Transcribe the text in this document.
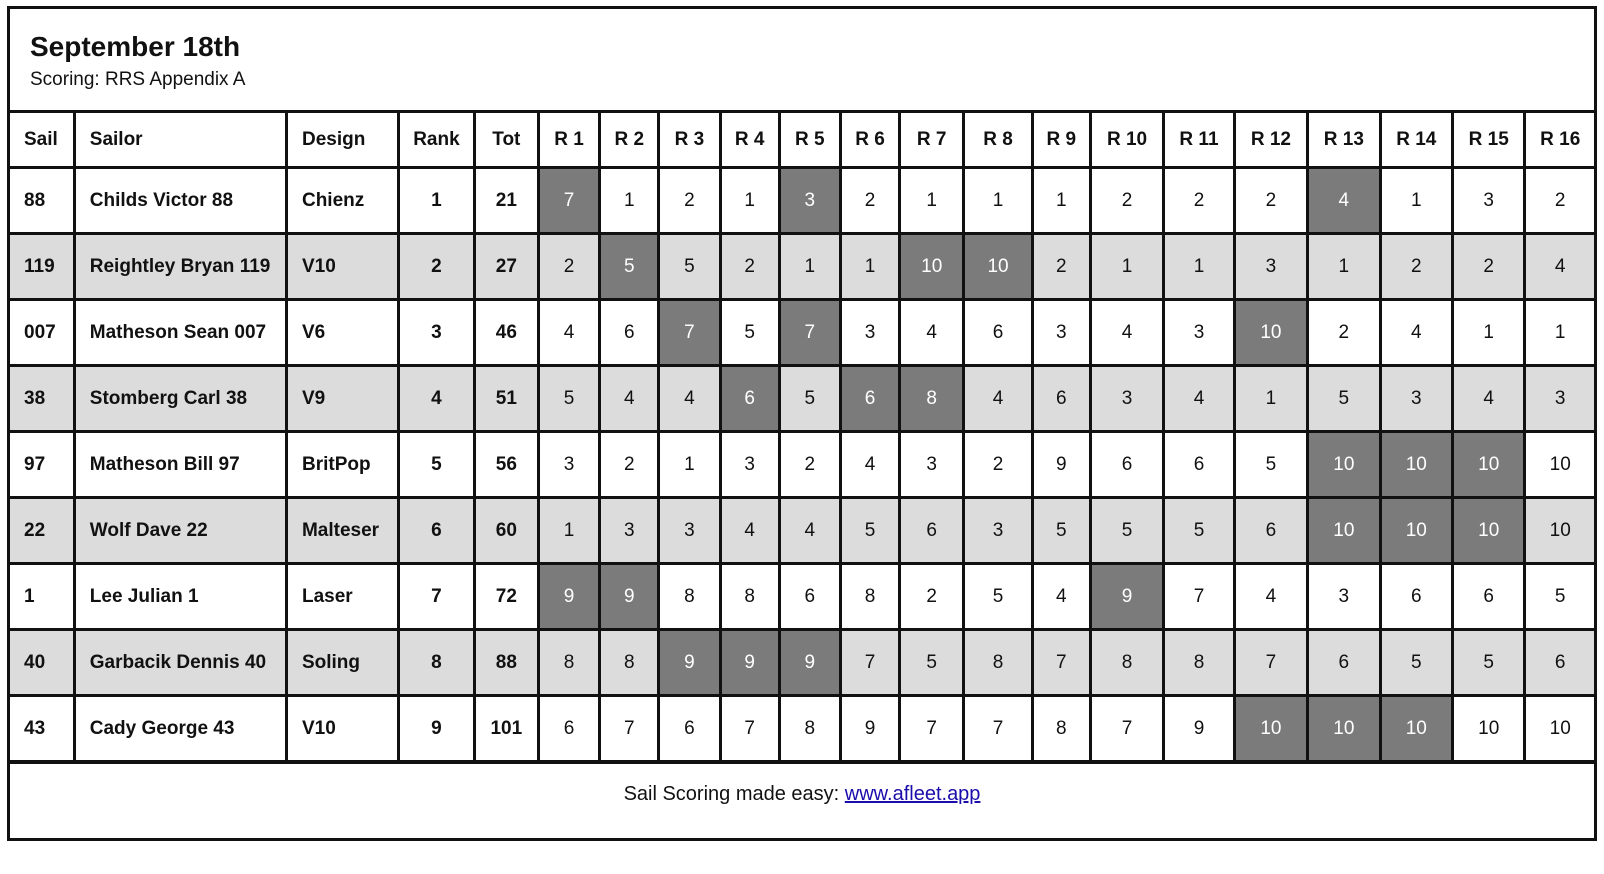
September 18th
Scoring: RRS Appendix A
Sail	Sailor	Design	Rank	Tot	R 1	R 2	R 3	R 4	R 5	R 6	R 7	R 8	R 9	R 10	R 11	R 12	R 13	R 14	R 15	R 16
88	Childs Victor 88	Chienz	1	21	7	1	2	1	3	2	1	1	1	2	2	2	4	1	3	2
119	Reightley Bryan 119	V10	2	27	2	5	5	2	1	1	10	10	2	1	1	3	1	2	2	4
007	Matheson Sean 007	V6	3	46	4	6	7	5	7	3	4	6	3	4	3	10	2	4	1	1
38	Stomberg Carl 38	V9	4	51	5	4	4	6	5	6	8	4	6	3	4	1	5	3	4	3
97	Matheson Bill 97	BritPop	5	56	3	2	1	3	2	4	3	2	9	6	6	5	10	10	10	10
22	Wolf Dave 22	Malteser	6	60	1	3	3	4	4	5	6	3	5	5	5	6	10	10	10	10
1	Lee Julian 1	Laser	7	72	9	9	8	8	6	8	2	5	4	9	7	4	3	6	6	5
40	Garbacik Dennis 40	Soling	8	88	8	8	9	9	9	7	5	8	7	8	8	7	6	5	5	6
43	Cady George 43	V10	9	101	6	7	6	7	8	9	7	7	8	7	9	10	10	10	10	10
Sail Scoring made easy: www.afleet.app
